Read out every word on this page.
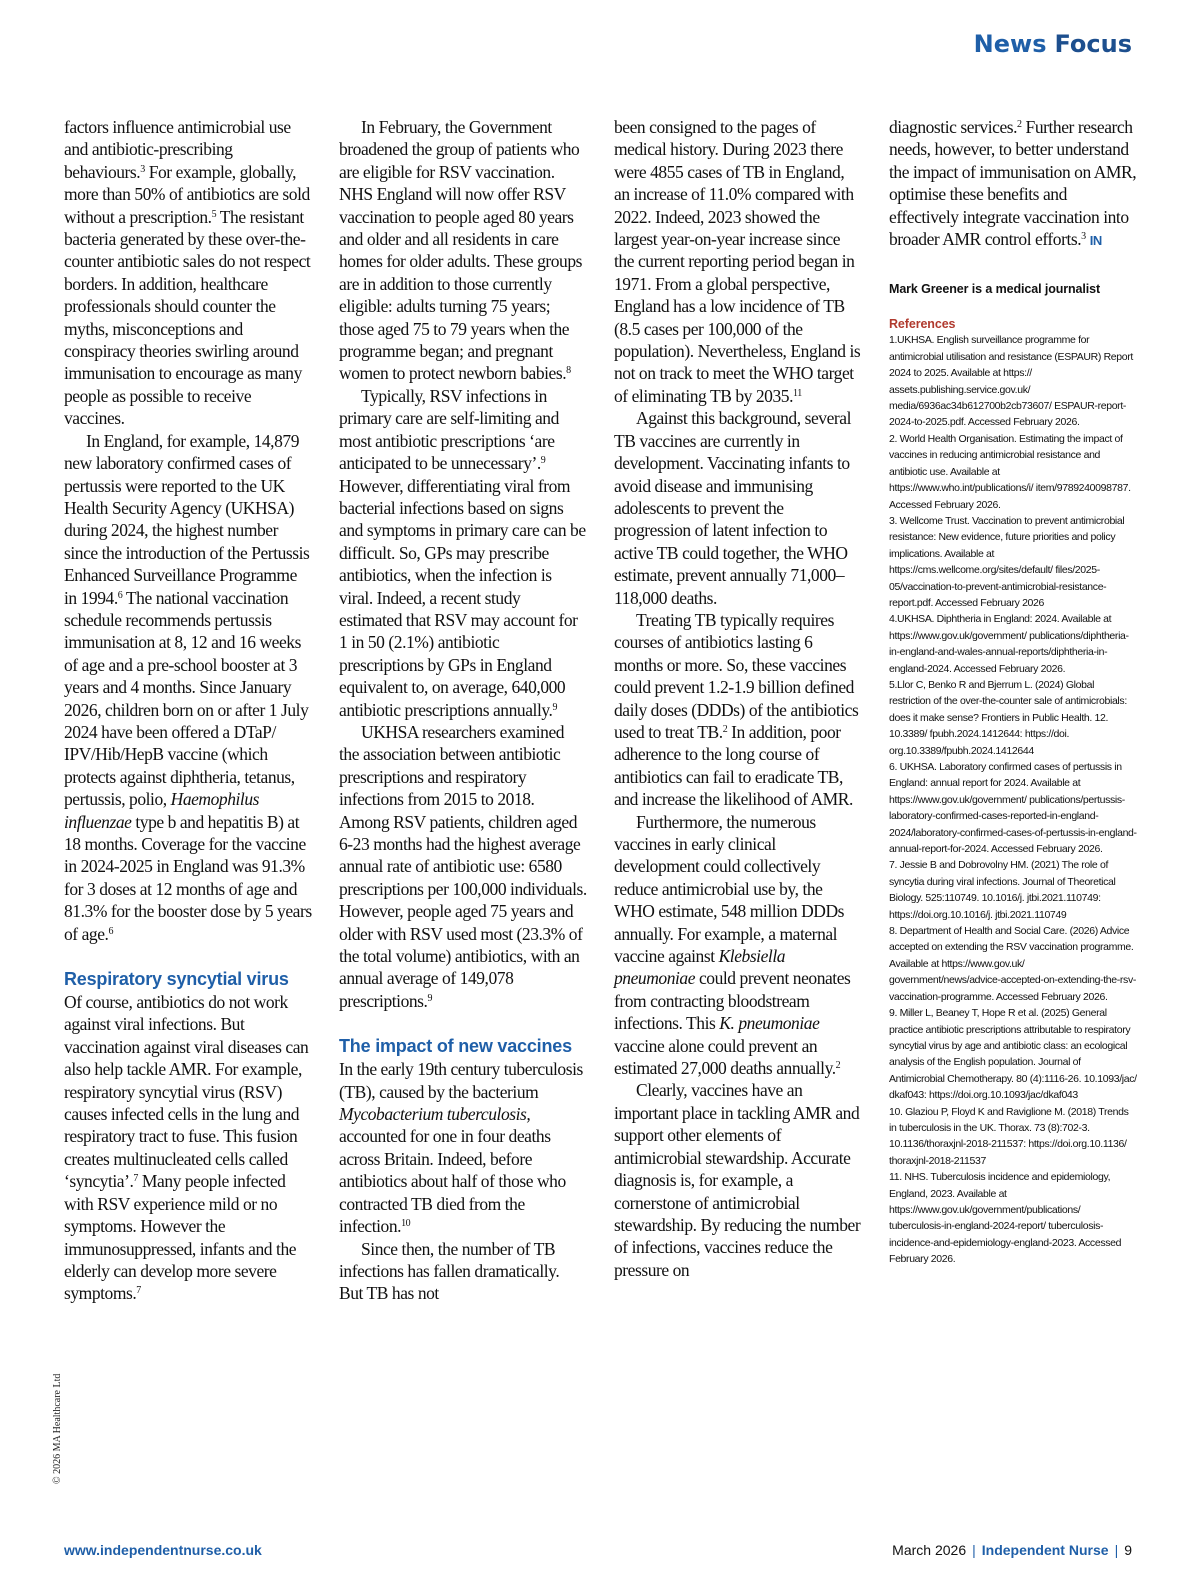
News Focus

factors influence antimicrobial use and antibiotic-prescribing behaviours.$^3$ For example, globally, more than 50% of antibiotics are sold without a prescription.$^5$ The resistant bacteria generated by these over-the-counter antibiotic sales do not respect borders. In addition, healthcare professionals should counter the myths, misconceptions and conspiracy theories swirling around immunisation to encourage as many people as possible to receive vaccines.

In England, for example, 14,879 new laboratory confirmed cases of pertussis were reported to the UK Health Security Agency (UKHSA) during 2024, the highest number since the introduction of the Pertussis Enhanced Surveillance Programme in 1994.$^6$ The national vaccination schedule recommends pertussis immunisation at 8, 12 and 16 weeks of age and a pre-school booster at 3 years and 4 months. Since January 2026, children born on or after 1 July 2024 have been offered a DTaP/ IPV/Hib/HepB vaccine (which protects against diphtheria, tetanus, pertussis, polio, Haemophilus influenzae type b and hepatitis B) at 18 months. Coverage for the vaccine in 2024-2025 in England was 91.3% for 3 doses at 12 months of age and 81.3% for the booster dose by 5 years of age.$^6$

Respiratory syncytial virus

Of course, antibiotics do not work against viral infections. But vaccination against viral diseases can also help tackle AMR. For example, respiratory syncytial virus (RSV) causes infected cells in the lung and respiratory tract to fuse. This fusion creates multinucleated cells called ‘syncytia’.$^7$ Many people infected with RSV experience mild or no symptoms. However the immunosuppressed, infants and the elderly can develop more severe symptoms.$^7$

In February, the Government broadened the group of patients who are eligible for RSV vaccination. NHS England will now offer RSV vaccination to people aged 80 years and older and all residents in care homes for older adults. These groups are in addition to those currently eligible: adults turning 75 years; those aged 75 to 79 years when the programme began; and pregnant women to protect newborn babies.$^8$

Typically, RSV infections in primary care are self-limiting and most antibiotic prescriptions ‘are anticipated to be unnecessary’.$^9$ However, differentiating viral from bacterial infections based on signs and symptoms in primary care can be difficult. So, GPs may prescribe antibiotics, when the infection is viral. Indeed, a recent study estimated that RSV may account for 1 in 50 (2.1%) antibiotic prescriptions by GPs in England equivalent to, on average, 640,000 antibiotic prescriptions annually.$^9$

UKHSA researchers examined the association between antibiotic prescriptions and respiratory infections from 2015 to 2018. Among RSV patients, children aged 6-23 months had the highest average annual rate of antibiotic use: 6580 prescriptions per 100,000 individuals. However, people aged 75 years and older with RSV used most (23.3% of the total volume) antibiotics, with an annual average of 149,078 prescriptions.$^9$

The impact of new vaccines

In the early 19th century tuberculosis (TB), caused by the bacterium Mycobacterium tuberculosis, accounted for one in four deaths across Britain. Indeed, before antibiotics about half of those who contracted TB died from the infection.$^{10}$

Since then, the number of TB infections has fallen dramatically. But TB has not

been consigned to the pages of medical history. During 2023 there were 4855 cases of TB in England, an increase of 11.0% compared with 2022. Indeed, 2023 showed the largest year-on-year increase since the current reporting period began in 1971. From a global perspective, England has a low incidence of TB (8.5 cases per 100,000 of the population). Nevertheless, England is not on track to meet the WHO target of eliminating TB by 2035.11

Against this background, several TB vaccines are currently in development. Vaccinating infants to avoid disease and immunising adolescents to prevent the progression of latent infection to active TB could together, the WHO estimate, prevent annually 71,000–118,000 deaths.

Treating TB typically requires courses of antibiotics lasting 6 months or more. So, these vaccines could prevent 1.2-1.9 billion defined daily doses (DDDs) of the antibiotics used to treat TB.$^2$ In addition, poor adherence to the long course of antibiotics can fail to eradicate TB, and increase the likelihood of AMR.

Furthermore, the numerous vaccines in early clinical development could collectively reduce antimicrobial use by, the WHO estimate, 548 million DDDs annually. For example, a maternal vaccine against Klebsiella pneumoniae could prevent neonates from contracting bloodstream infections. This K. pneumoniae vaccine alone could prevent an estimated 27,000 deaths annually.$^2$

Clearly, vaccines have an important place in tackling AMR and support other elements of antimicrobial stewardship. Accurate diagnosis is, for example, a cornerstone of antimicrobial stewardship. By reducing the number of infections, vaccines reduce the pressure on

diagnostic services.$^2$ Further research needs, however, to better understand the impact of immunisation on AMR, optimise these benefits and effectively integrate vaccination into broader AMR control efforts.$^3$ IN

Mark Greener is a medical journalist
References
1.UKHSA. English surveillance programme for antimicrobial utilisation and resistance (ESPAUR) Report 2024 to 2025. Available at https:// assets.publishing.service.gov.uk/ media/6936ac34b612700b2cb73607/ ESPAUR-report-2024-to-2025.pdf. Accessed February 2026.
2. World Health Organisation. Estimating the impact of vaccines in reducing antimicrobial resistance and antibiotic use. Available at https://www.who.int/publications/i/ item/9789240098787. Accessed February 2026.
3. Wellcome Trust. Vaccination to prevent antimicrobial resistance: New evidence, future priorities and policy implications. Available at https://cms.wellcome.org/sites/default/ files/2025-05/vaccination-to-prevent-antimicrobial-resistance-report.pdf. Accessed February 2026
4.UKHSA. Diphtheria in England: 2024. Available at https://www.gov.uk/government/ publications/diphtheria-in-england-and-wales-annual-reports/diphtheria-in-england-2024. Accessed February 2026.
5.Llor C, Benko R and Bjerrum L. (2024) Global restriction of the over-the-counter sale of antimicrobials: does it make sense? Frontiers in Public Health. 12. 10.3389/ fpubh.2024.1412644: https://doi. org.10.3389/fpubh.2024.1412644
6. UKHSA. Laboratory confirmed cases of pertussis in England: annual report for 2024. Available at https://www.gov.uk/government/ publications/pertussis-laboratory-confirmed-cases-reported-in-england-2024/laboratory-confirmed-cases-of-pertussis-in-england-annual-report-for-2024. Accessed February 2026.
7. Jessie B and Dobrovolny HM. (2021) The role of syncytia during viral infections. Journal of Theoretical Biology. 525:110749. 10.1016/j. jtbi.2021.110749: https://doi.org.10.1016/j. jtbi.2021.110749
8. Department of Health and Social Care. (2026) Advice accepted on extending the RSV vaccination programme. Available at https://www.gov.uk/ government/news/advice-accepted-on-extending-the-rsv-vaccination-programme. Accessed February 2026.
9. Miller L, Beaney T, Hope R et al. (2025) General practice antibiotic prescriptions attributable to respiratory syncytial virus by age and antibiotic class: an ecological analysis of the English population. Journal of Antimicrobial Chemotherapy. 80 (4):1116-26. 10.1093/jac/ dkaf043: https://doi.org.10.1093/jac/dkaf043
10. Glaziou P, Floyd K and Raviglione M. (2018) Trends in tuberculosis in the UK. Thorax. 73 (8):702-3. 10.1136/thoraxjnl-2018-211537: https://doi.org.10.1136/ thoraxjnl-2018-211537
11. NHS. Tuberculosis incidence and epidemiology, England, 2023. Available at https://www.gov.uk/government/publications/ tuberculosis-in-england-2024-report/ tuberculosis-incidence-and-epidemiology-england-2023. Accessed February 2026.
© 2026 MA Healthcare Ltd
www.independentnurse.co.uk	March 2026 | Independent Nurse | 9
